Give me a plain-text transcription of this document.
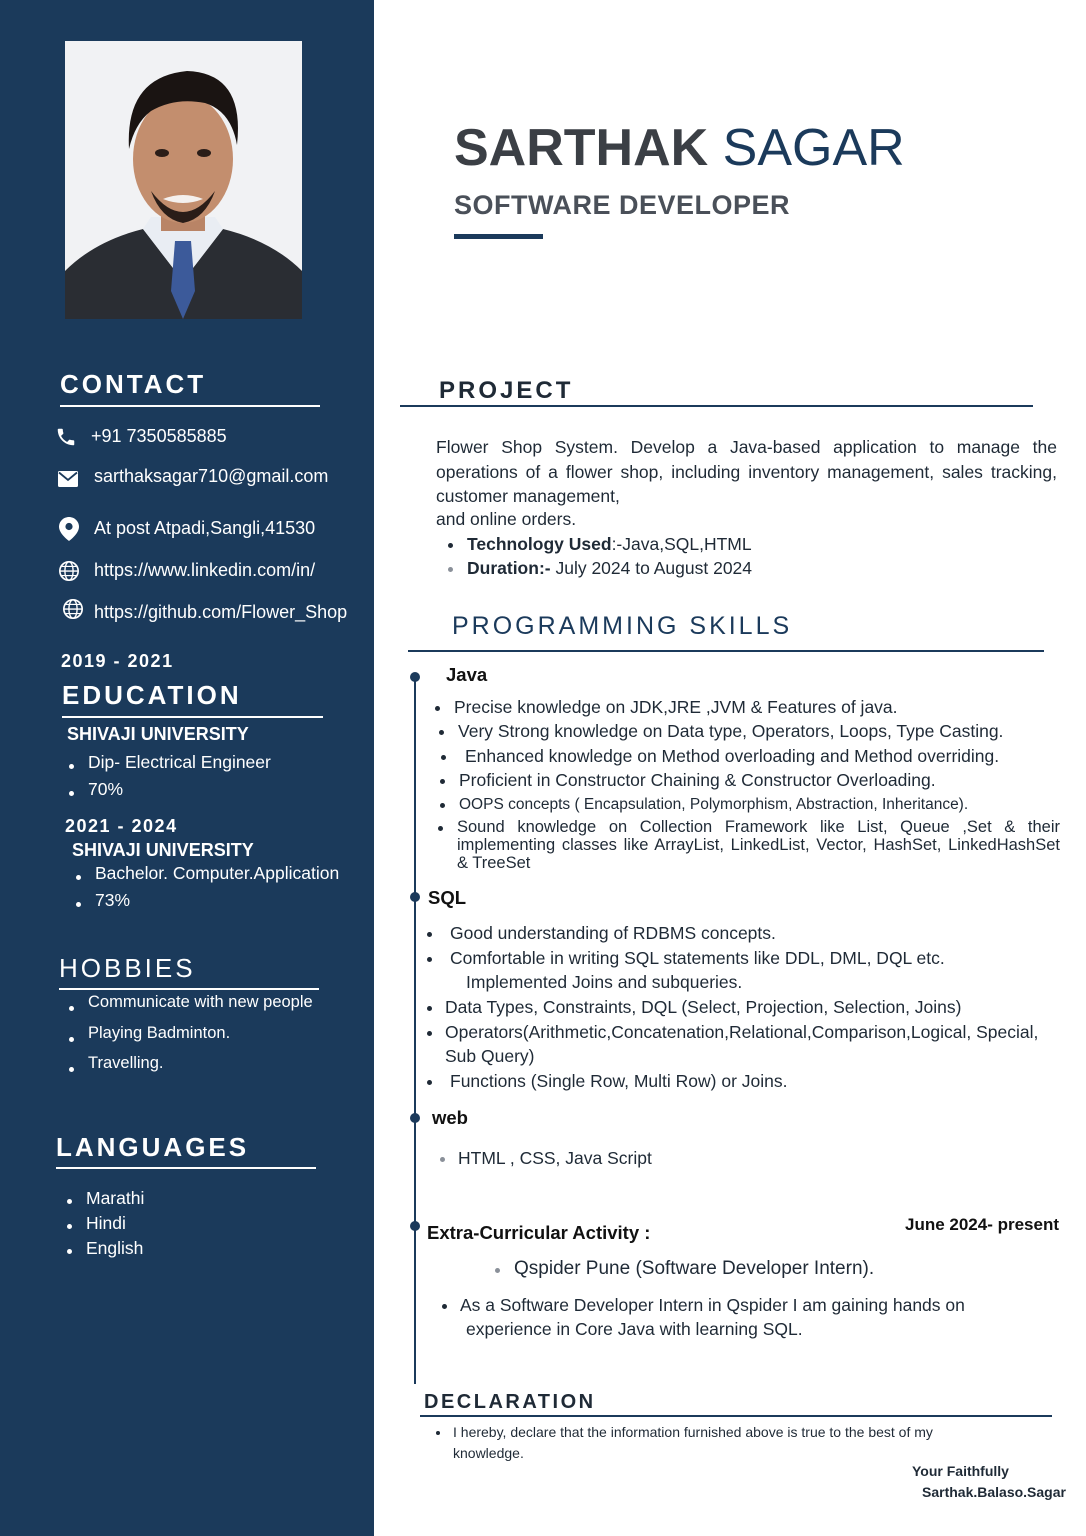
CONTACT
+91 7350585885
sarthaksagar710@gmail.com
At post Atpadi,Sangli,41530
https://www.linkedin.com/in/
https://github.com/Flower_Shop
2019 - 2021
EDUCATION
SHIVAJI UNIVERSITY
Dip- Electrical Engineer
70%
2021 - 2024
SHIVAJI UNIVERSITY
Bachelor. Computer.Application
73%
HOBBIES
Communicate with new people
Playing Badminton.
Travelling.
LANGUAGES
Marathi
Hindi
English
SARTHAK SAGAR
SOFTWARE DEVELOPER
PROJECT
Flower Shop System. Develop a Java-based application to manage the operations of a flower shop, including inventory management, sales tracking, customer management,
and online orders.
Technology Used:-Java,SQL,HTML
Duration:- July 2024 to August 2024
PROGRAMMING SKILLS
Java
Precise knowledge on JDK,JRE ,JVM & Features of java.
Very Strong knowledge on Data type, Operators, Loops, Type Casting.
Enhanced knowledge on Method overloading and Method overriding.
Proficient in Constructor Chaining & Constructor Overloading.
OOPS concepts ( Encapsulation, Polymorphism, Abstraction, Inheritance).
Sound knowledge on Collection Framework like List, Queue ,Set & their implementing classes like ArrayList, LinkedList, Vector, HashSet, LinkedHashSet & TreeSet
SQL
Good understanding of RDBMS concepts.
Comfortable in writing SQL statements like DDL, DML, DQL etc.
Implemented Joins and subqueries.
Data Types, Constraints, DQL (Select, Projection, Selection, Joins)
Operators(Arithmetic,Concatenation,Relational,Comparison,Logical, Special,
Sub Query)
Functions (Single Row, Multi Row) or Joins.
web
HTML , CSS, Java Script
Extra-Curricular Activity :	June 2024- present
Qspider Pune (Software Developer Intern).
As a Software Developer Intern in Qspider I am gaining hands on
experience in Core Java with learning SQL.
DECLARATION
I hereby, declare that the information furnished above is true to the best of my
knowledge.
Your Faithfully
Sarthak.Balaso.Sagar
